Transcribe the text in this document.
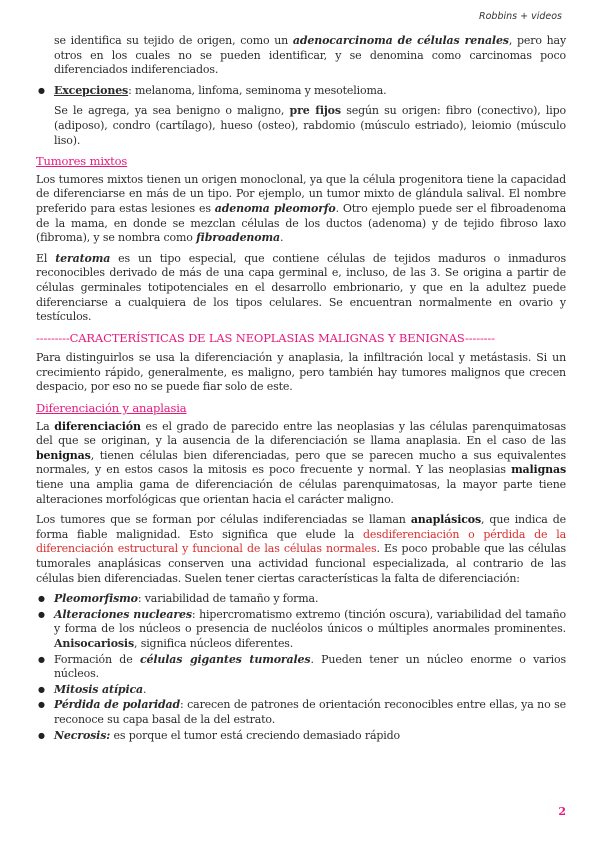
Robbins + videos

se identifica su tejido de origen, como un adenocarcinoma de células renales, pero hay otros en los cuales no se pueden identificar, y se denomina como carcinomas poco diferenciados indiferenciados.

● Excepciones: melanoma, linfoma, seminoma y mesotelioma.

Se le agrega, ya sea benigno o maligno, pre fijos según su origen: fibro (conectivo), lipo (adiposo), condro (cartílago), hueso (osteo), rabdomio (músculo estriado), leiomio (músculo liso).

Tumores mixtos

Los tumores mixtos tienen un origen monoclonal, ya que la célula progenitora tiene la capacidad de diferenciarse en más de un tipo. Por ejemplo, un tumor mixto de glándula salival. El nombre preferido para estas lesiones es adenoma pleomorfo. Otro ejemplo puede ser el fibroadenoma de la mama, en donde se mezclan células de los ductos (adenoma) y de tejido fibroso laxo (fibroma), y se nombra como fibroadenoma.

El teratoma es un tipo especial, que contiene células de tejidos maduros o inmaduros reconocibles derivado de más de una capa germinal e, incluso, de las 3. Se origina a partir de células germinales totipotenciales en el desarrollo embrionario, y que en la adultez puede diferenciarse a cualquiera de los tipos celulares. Se encuentran normalmente en ovario y testículos.

---------CARACTERÍSTICAS DE LAS NEOPLASIAS MALIGNAS Y BENIGNAS--------

Para distinguirlos se usa la diferenciación y anaplasia, la infiltración local y metástasis. Si un crecimiento rápido, generalmente, es maligno, pero también hay tumores malignos que crecen despacio, por eso no se puede fiar solo de este.

Diferenciación y anaplasia

La diferenciación es el grado de parecido entre las neoplasias y las células parenquimatosas del que se originan, y la ausencia de la diferenciación se llama anaplasia. En el caso de las benignas, tienen células bien diferenciadas, pero que se parecen mucho a sus equivalentes normales, y en estos casos la mitosis es poco frecuente y normal. Y las neoplasias malignas tiene una amplia gama de diferenciación de células parenquimatosas, la mayor parte tiene alteraciones morfológicas que orientan hacia el carácter maligno.

Los tumores que se forman por células indiferenciadas se llaman anaplásicos, que indica de forma fiable malignidad. Esto significa que elude la desdiferenciación o pérdida de la diferenciación estructural y funcional de las células normales. Es poco probable que las células tumorales anaplásicas conserven una actividad funcional especializada, al contrario de las células bien diferenciadas. Suelen tener ciertas características la falta de diferenciación:

● Pleomorfismo: variabilidad de tamaño y forma.
● Alteraciones nucleares: hipercromatismo extremo (tinción oscura), variabilidad del tamaño y forma de los núcleos o presencia de nucléolos únicos o múltiples anormales prominentes. Anisocariosis, significa núcleos diferentes.
● Formación de células gigantes tumorales. Pueden tener un núcleo enorme o varios núcleos.
● Mitosis atípica.
● Pérdida de polaridad: carecen de patrones de orientación reconocibles entre ellas, ya no se reconoce su capa basal de la del estrato.
● Necrosis: es porque el tumor está creciendo demasiado rápido
2
